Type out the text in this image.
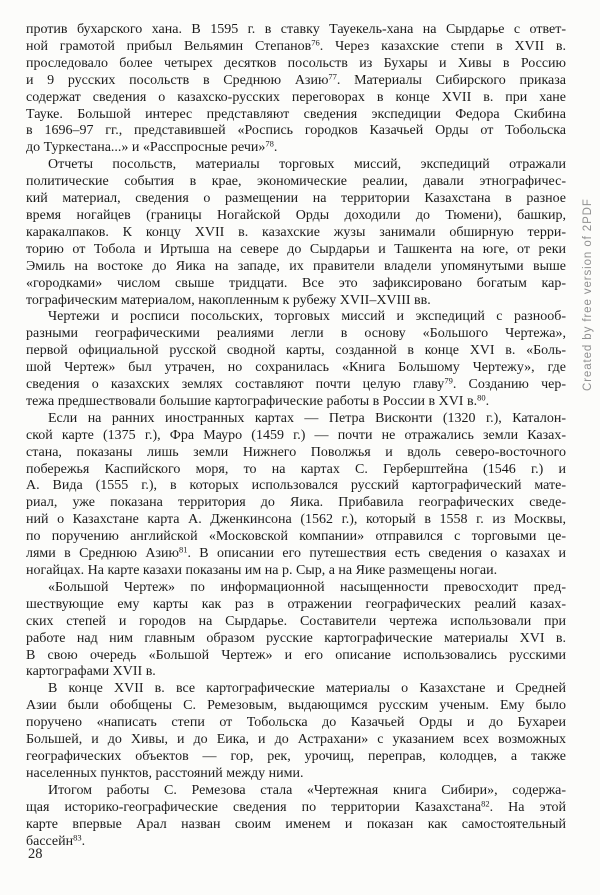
против бухарского хана. В 1595 г. в ставку Тауекель-хана на Сырдарье с ответ-
ной грамотой прибыл Вельямин Степанов$^{76}$. Через казахские степи в XVII в.
проследовало более четырех десятков посольств из Бухары и Хивы в Россию
и 9 русских посольств в Среднюю Азию$^{77}$. Материалы Сибирского приказа
содержат сведения о казахско-русских переговорах в конце XVII в. при хане
Тауке. Большой интерес представляют сведения экспедиции Федора Скибина
в 1696–97 гг., представившей «Роспись городков Казачьей Орды от Тобольска
до Туркестана...» и «Расспросные речи»$^{78}$.

Отчеты посольств, материалы торговых миссий, экспедиций отражали
политические события в крае, экономические реалии, давали этнографичес-
кий материал, сведения о размещении на территории Казахстана в разное
время ногайцев (границы Ногайской Орды доходили до Тюмени), башкир,
каракалпаков. К концу XVII в. казахские жузы занимали обширную терри-
торию от Тобола и Иртыша на севере до Сырдарьи и Ташкента на юге, от реки
Эмиль на востоке до Яика на западе, их правители владели упомянутыми выше
«городками» числом свыше тридцати. Все это зафиксировано богатым кар-
тографическим материалом, накопленным к рубежу XVII–XVIII вв.

Чертежи и росписи посольских, торговых миссий и экспедиций с разнооб-
разными географическими реалиями легли в основу «Большого Чертежа»,
первой официальной русской сводной карты, созданной в конце XVI в. «Боль-
шой Чертеж» был утрачен, но сохранилась «Книга Большому Чертежу», где
сведения о казахских землях составляют почти целую главу$^{79}$. Созданию чер-
тежа предшествовали большие картографические работы в России в XVI в.$^{80}$.

Если на ранних иностранных картах — Петра Висконти (1320 г.), Каталон-
ской карте (1375 г.), Фра Мауро (1459 г.) — почти не отражались земли Казах-
стана, показаны лишь земли Нижнего Поволжья и вдоль северо-восточного
побережья Каспийского моря, то на картах С. Герберштейна (1546 г.) и
А. Вида (1555 г.), в которых использовался русский картографический мате-
риал, уже показана территория до Яика. Прибавила географических сведе-
ний о Казахстане карта А. Дженкинсона (1562 г.), который в 1558 г. из Москвы,
по поручению английской «Московской компании» отправился с торговыми це-
лями в Среднюю Азию$^{81}$. В описании его путешествия есть сведения о казахах и
ногайцах. На карте казахи показаны им на р. Сыр, а на Яике размещены ногаи.

«Большой Чертеж» по информационной насыщенности превосходит пред-
шествующие ему карты как раз в отражении географических реалий казах-
ских степей и городов на Сырдарье. Составители чертежа использовали при
работе над ним главным образом русские картографические материалы XVI в.
В свою очередь «Большой Чертеж» и его описание использовались русскими
картографами XVII в.

В конце XVII в. все картографические материалы о Казахстане и Средней
Азии были обобщены С. Ремезовым, выдающимся русским ученым. Ему было
поручено «написать степи от Тобольска до Казачьей Орды и до Бухареи
Большей, и до Хивы, и до Еика, и до Астрахани» с указанием всех возможных
географических объектов — гор, рек, урочищ, переправ, колодцев, а также
населенных пунктов, расстояний между ними.

Итогом работы С. Ремезова стала «Чертежная книга Сибири», содержа-
щая историко-географические сведения по территории Казахстана$^{82}$. На этой
карте впервые Арал назван своим именем и показан как самостоятельный
бассейн$^{83}$.

28
Created by free version of 2PDF
